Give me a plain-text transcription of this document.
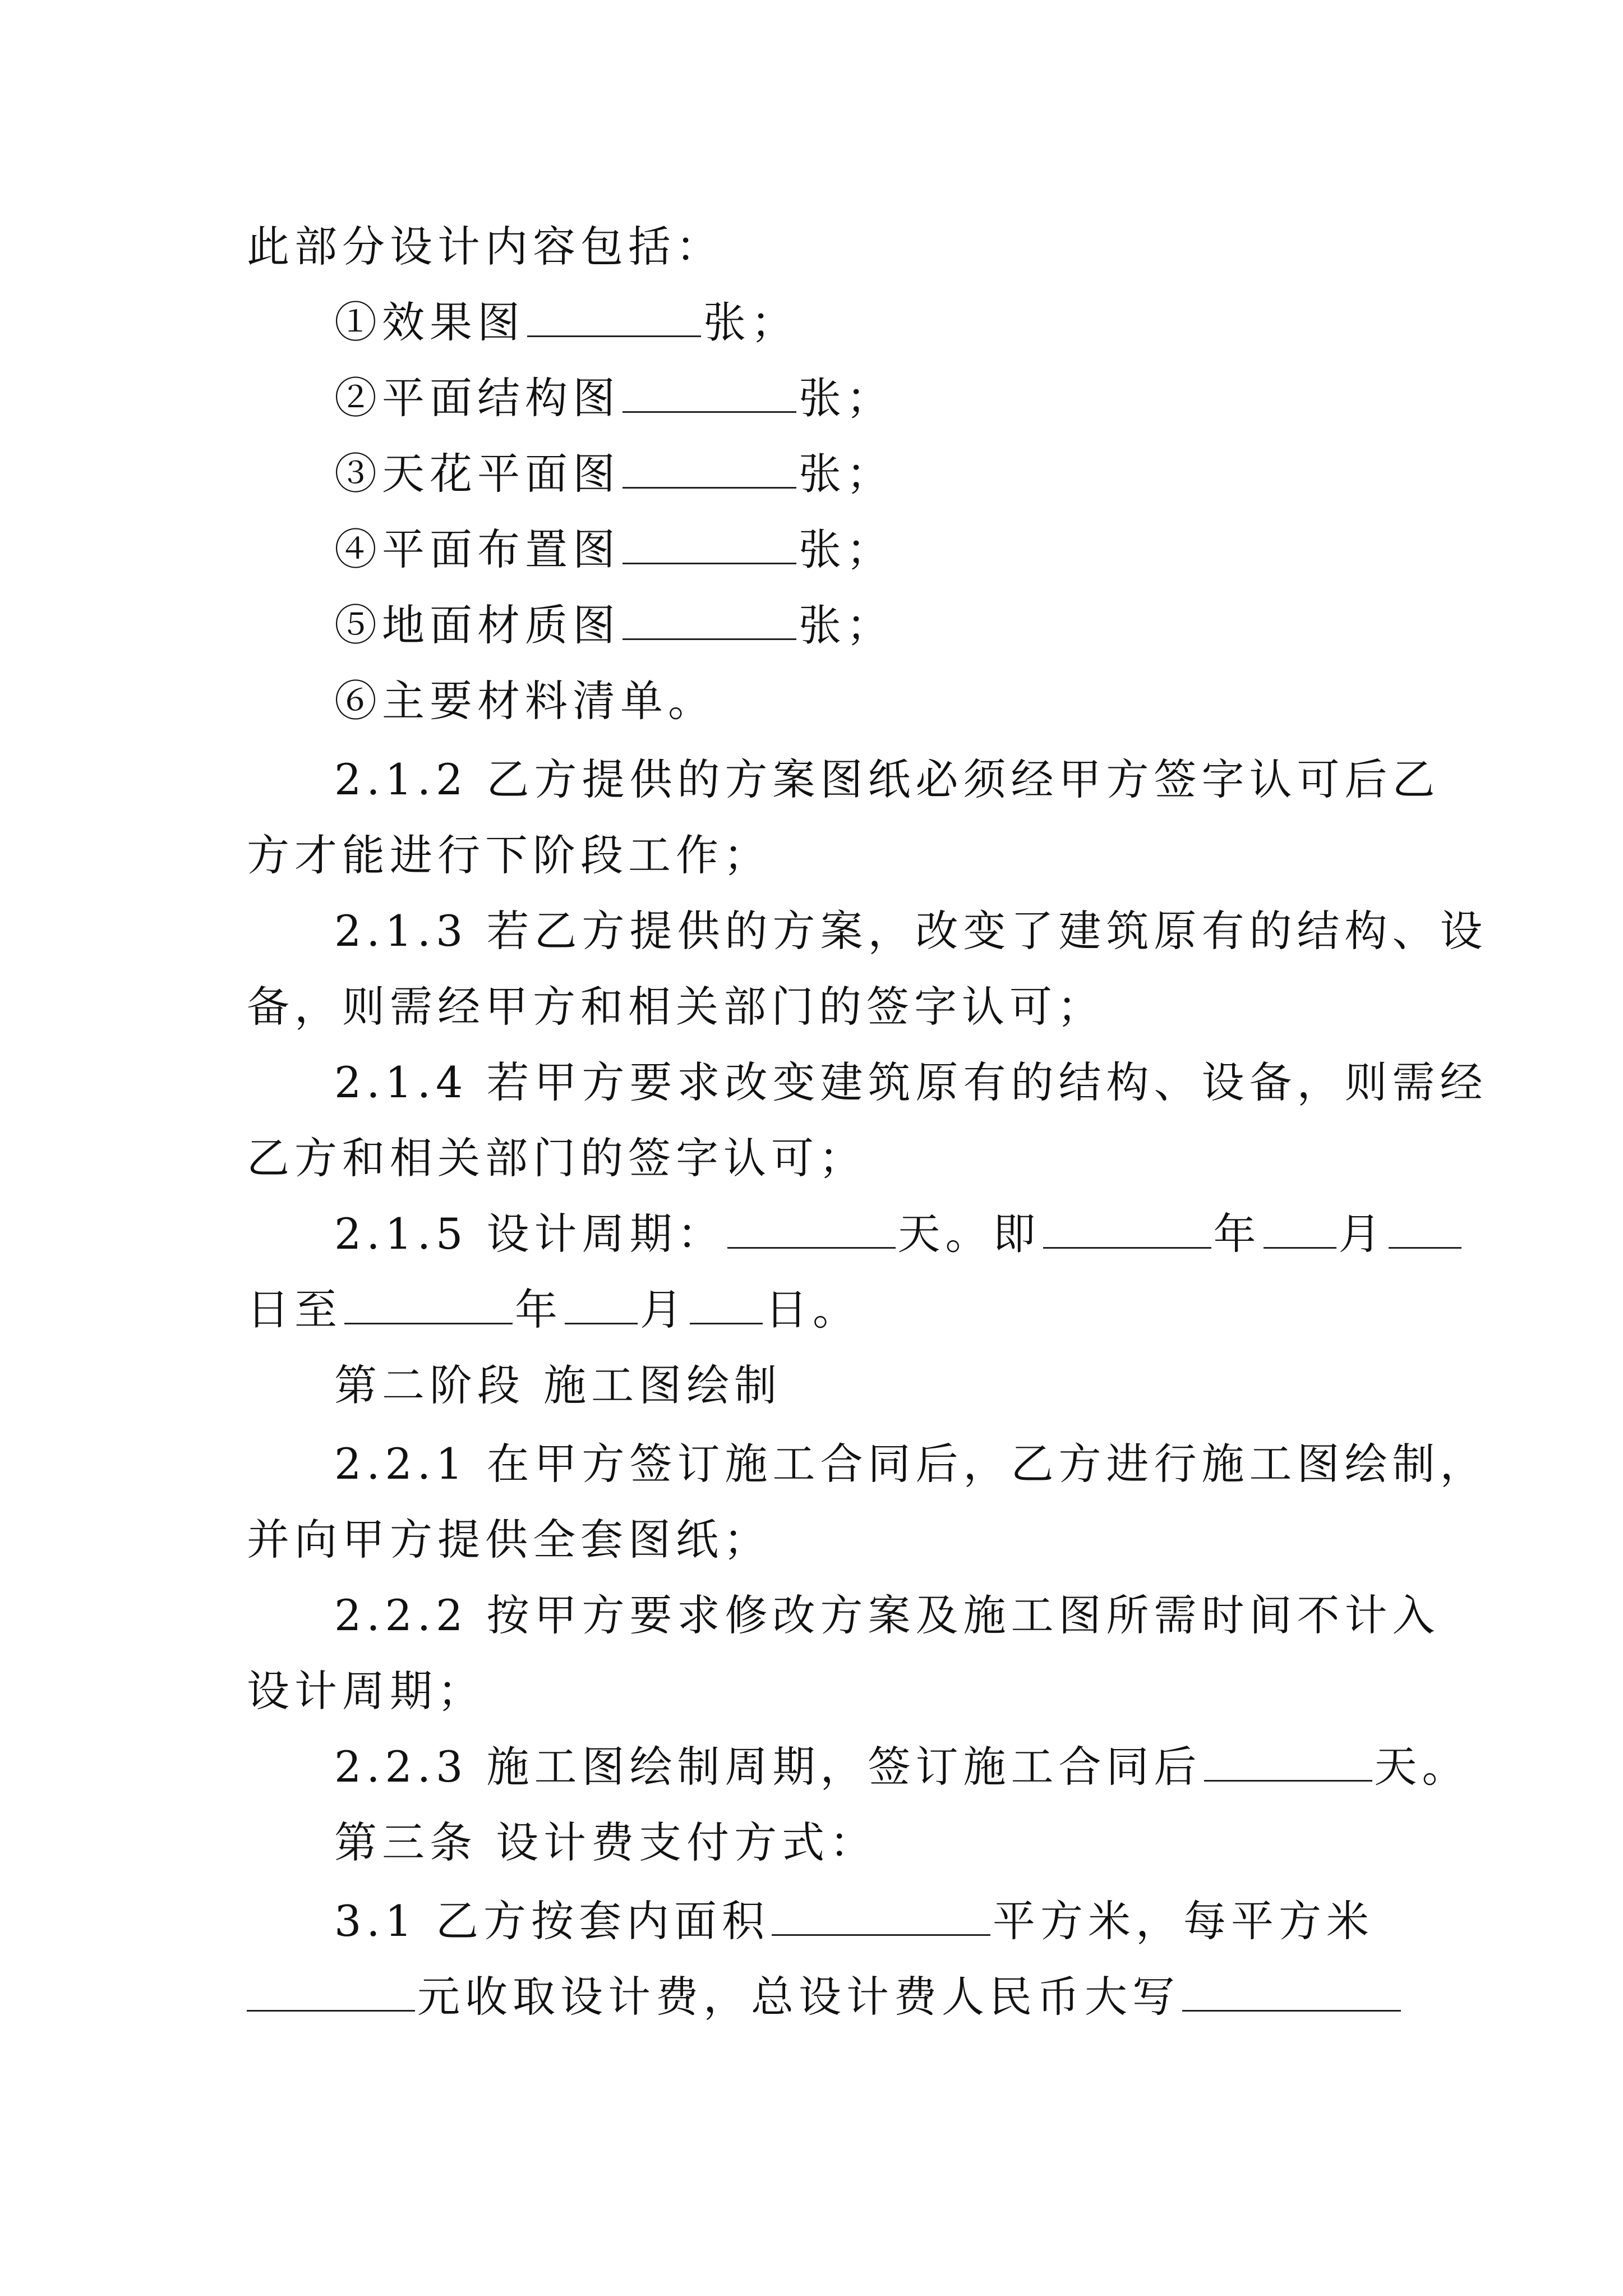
此部分设计内容包括：
①效果图	张；
②平面结构图	张；
③天花平面图	张；
④平面布置图	张；
⑤地面材质图	张；
⑥主要材料清单。
2.1.2 乙方提供的方案图纸必须经甲方签字认可后乙
方才能进行下阶段工作；
2.1.3 若乙方提供的方案，改变了建筑原有的结构、设
备，则需经甲方和相关部门的签字认可；
2.1.4 若甲方要求改变建筑原有的结构、设备，则需经
乙方和相关部门的签字认可；
2.1.5 设计周期：	天。即	年 月
日至	年 月 日。
第二阶段 施工图绘制
2.2.1 在甲方签订施工合同后，乙方进行施工图绘制，
并向甲方提供全套图纸；
2.2.2 按甲方要求修改方案及施工图所需时间不计入
设计周期；
2.2.3 施工图绘制周期，签订施工合同后	天。
第三条 设计费支付方式：
3.1 乙方按套内面积	平方米，每平方米
元收取设计费，总设计费人民币大写
